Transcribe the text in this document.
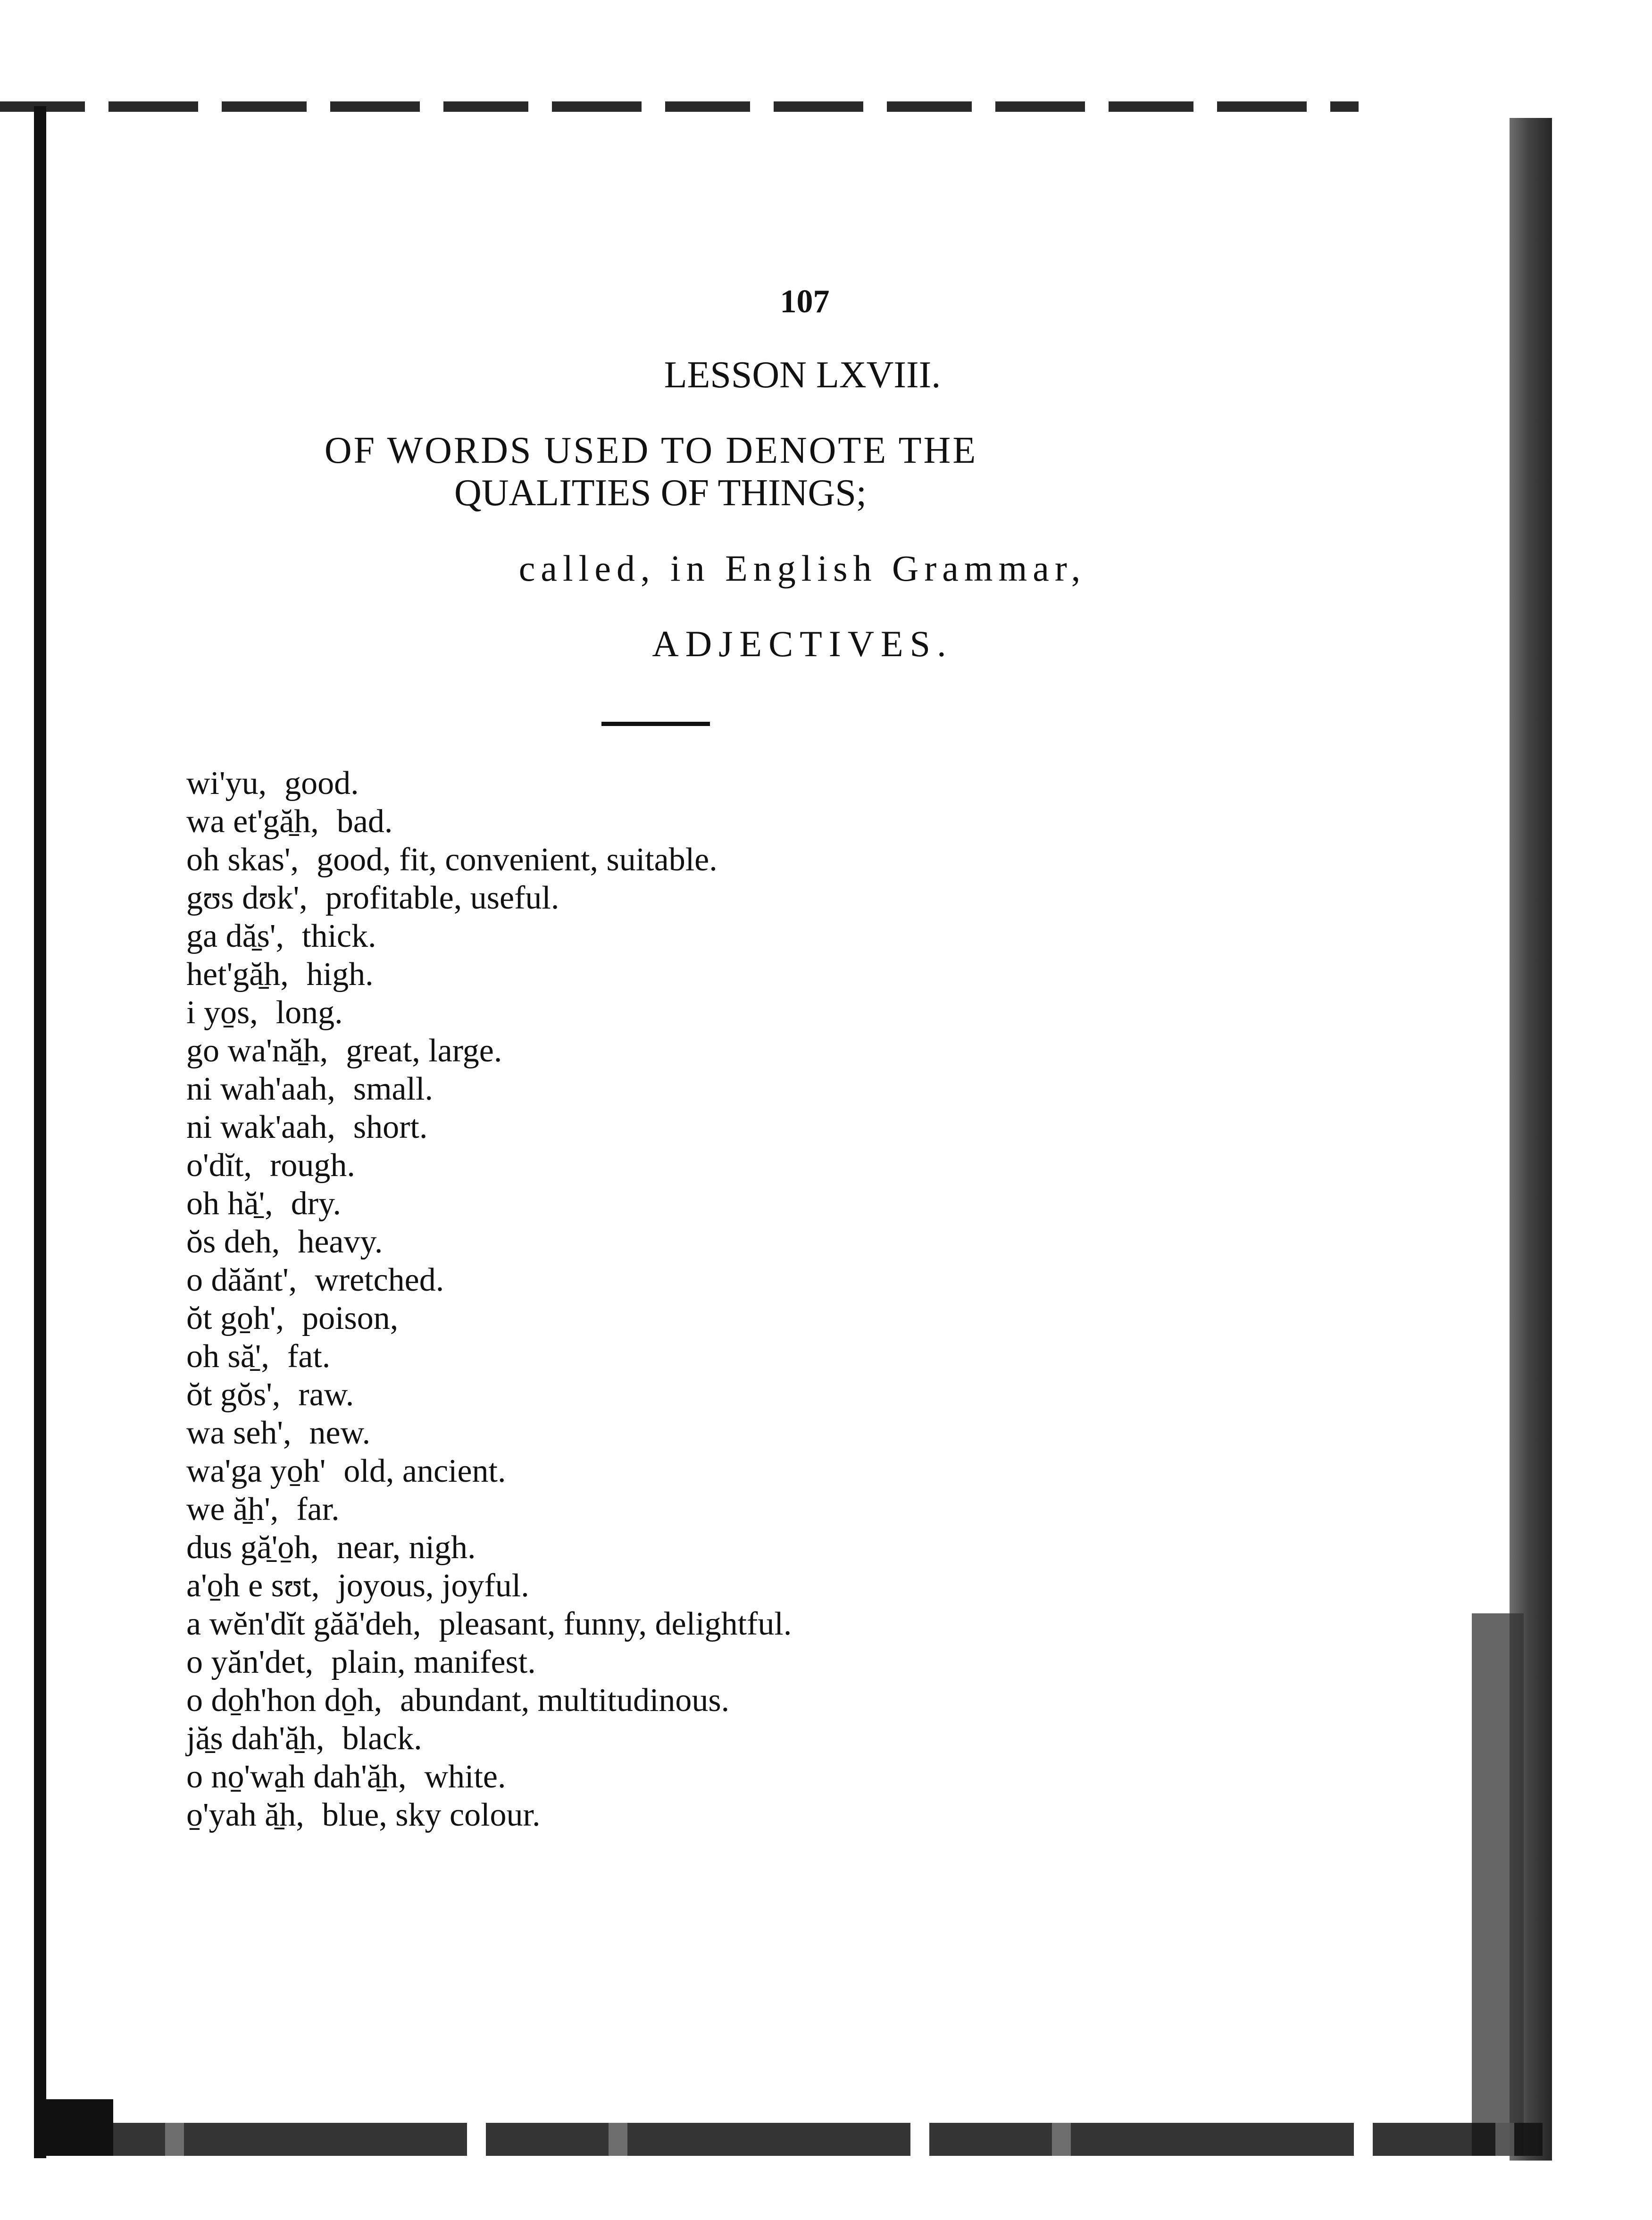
107
LESSON LXVIII.
OF WORDS USED TO DENOTE THE
QUALITIES OF THINGS;
called, in English Grammar,
ADJECTIVES.
wi'yu, good.
wa et'gă̱h, bad.
oh skas', good, fit, convenient, suitable.
gʊs dʊk', profitable, useful.
ga dă̱s', thick.
het'gă̱h, high.
i yo̱s, long.
go wa'nă̱h, great, large.
ni wah'aah, small.
ni wak'aah, short.
o'dĭt, rough.
oh hă̱', dry.
ŏs deh, heavy.
o dăănt', wretched.
ŏt go̱h', poison,
oh să̱', fat.
ŏt gŏs', raw.
wa seh', new.
wa'ga yo̱h' old, ancient.
we ă̱h', far.
dus gă̱'o̱h, near, nigh.
a'o̱h e sʊt, joyous, joyful.
a wĕn'dĭt găă'deh, pleasant, funny, delightful.
o yăn'det, plain, manifest.
o do̱h'hon do̱h, abundant, multitudinous.
jă̱s dah'ă̱h, black.
o no̱'wa̱h dah'ă̱h, white.
o̱'yah ă̱h, blue, sky colour.
